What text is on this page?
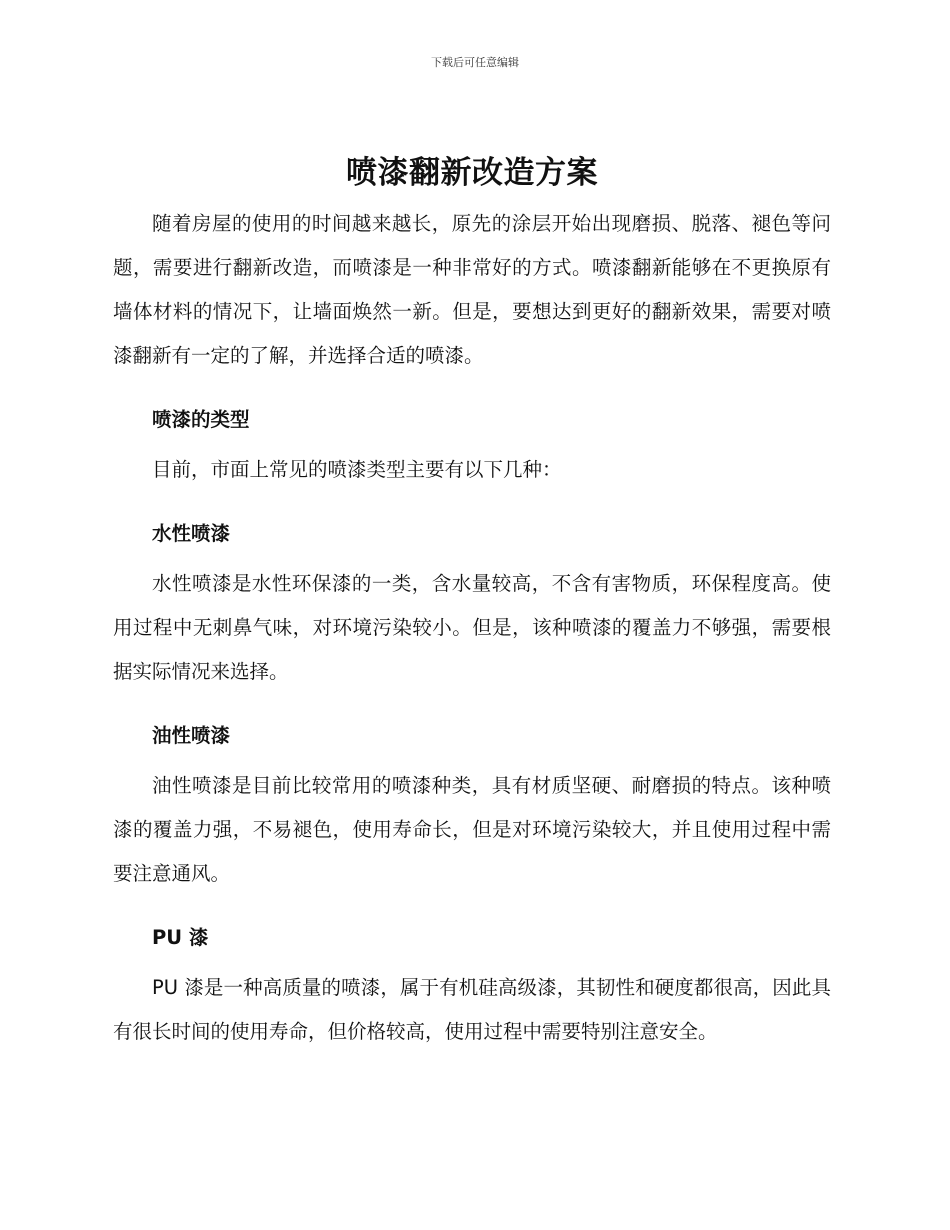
下载后可任意编辑
喷漆翻新改造方案

随着房屋的使用的时间越来越长，原先的涂层开始出现磨损、脱落、褪色等问题，需要进行翻新改造，而喷漆是一种非常好的方式。喷漆翻新能够在不更换原有墙体材料的情况下，让墙面焕然一新。但是，要想达到更好的翻新效果，需要对喷漆翻新有一定的了解，并选择合适的喷漆。

喷漆的类型

目前，市面上常见的喷漆类型主要有以下几种：

水性喷漆

水性喷漆是水性环保漆的一类，含水量较高，不含有害物质，环保程度高。使用过程中无刺鼻气味，对环境污染较小。但是，该种喷漆的覆盖力不够强，需要根据实际情况来选择。

油性喷漆

油性喷漆是目前比较常用的喷漆种类，具有材质坚硬、耐磨损的特点。该种喷漆的覆盖力强，不易褪色，使用寿命长，但是对环境污染较大，并且使用过程中需要注意通风。

PU 漆

PU 漆是一种高质量的喷漆，属于有机硅高级漆，其韧性和硬度都很高，因此具有很长时间的使用寿命，但价格较高，使用过程中需要特别注意安全。
